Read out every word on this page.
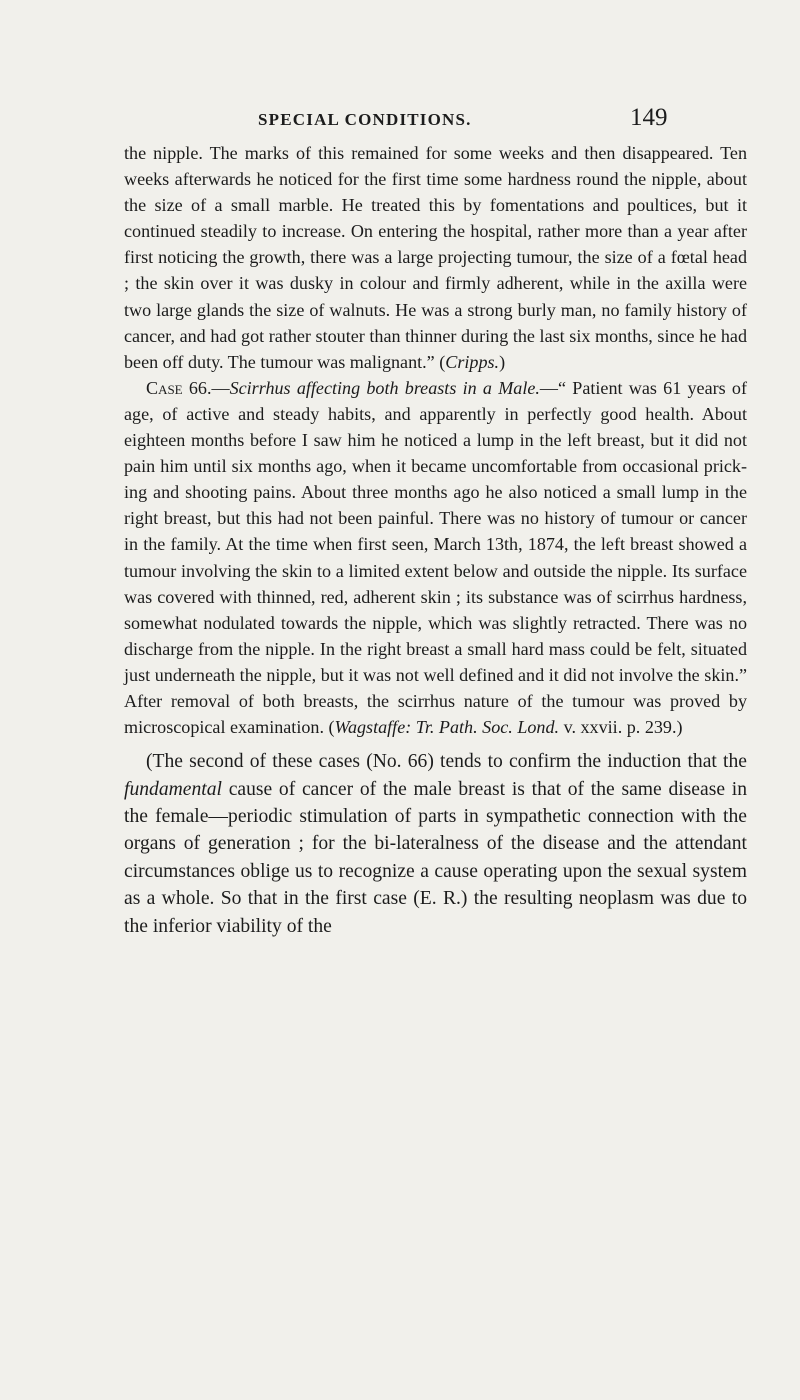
SPECIAL CONDITIONS.	149

the nipple. The marks of this remained for some weeks and then disappeared. Ten weeks afterwards he noticed for the first time some hardness round the nipple, about the size of a small marble. He treated this by fomentations and poultices, but it continued steadily to increase. On entering the hospital, rather more than a year after first noticing the growth, there was a large projecting tumour, the size of a fœtal head ; the skin over it was dusky in colour and firmly adherent, while in the axilla were two large glands the size of walnuts. He was a strong burly man, no family history of cancer, and had got rather stouter than thinner during the last six months, since he had been off duty. The tumour was malignant.” (Cripps.)

Case 66.—Scirrhus affecting both breasts in a Male.—“ Patient was 61 years of age, of active and steady habits, and apparently in perfectly good health. About eighteen months before I saw him he noticed a lump in the left breast, but it did not pain him until six months ago, when it became uncomfortable from occasional pricking and shooting pains. About three months ago he also noticed a small lump in the right breast, but this had not been painful. There was no history of tumour or cancer in the family. At the time when first seen, March 13th, 1874, the left breast showed a tumour involving the skin to a limited extent below and outside the nipple. Its surface was covered with thinned, red, adherent skin ; its substance was of scirrhus hardness, somewhat nodulated towards the nipple, which was slightly retracted. There was no discharge from the nipple. In the right breast a small hard mass could be felt, situated just underneath the nipple, but it was not well defined and it did not involve the skin.” After removal of both breasts, the scirrhus nature of the tumour was proved by microscopical examination. (Wagstaffe: Tr. Path. Soc. Lond. v. xxvii. p. 239.)

(The second of these cases (No. 66) tends to confirm the induction that the fundamental cause of cancer of the male breast is that of the same disease in the female—periodic stimulation of parts in sympathetic connection with the organs of generation ; for the bi-lateralness of the disease and the attendant circumstances oblige us to recognize a cause operating upon the sexual system as a whole. So that in the first case (E. R.) the resulting neoplasm was due to the inferior viability of the
